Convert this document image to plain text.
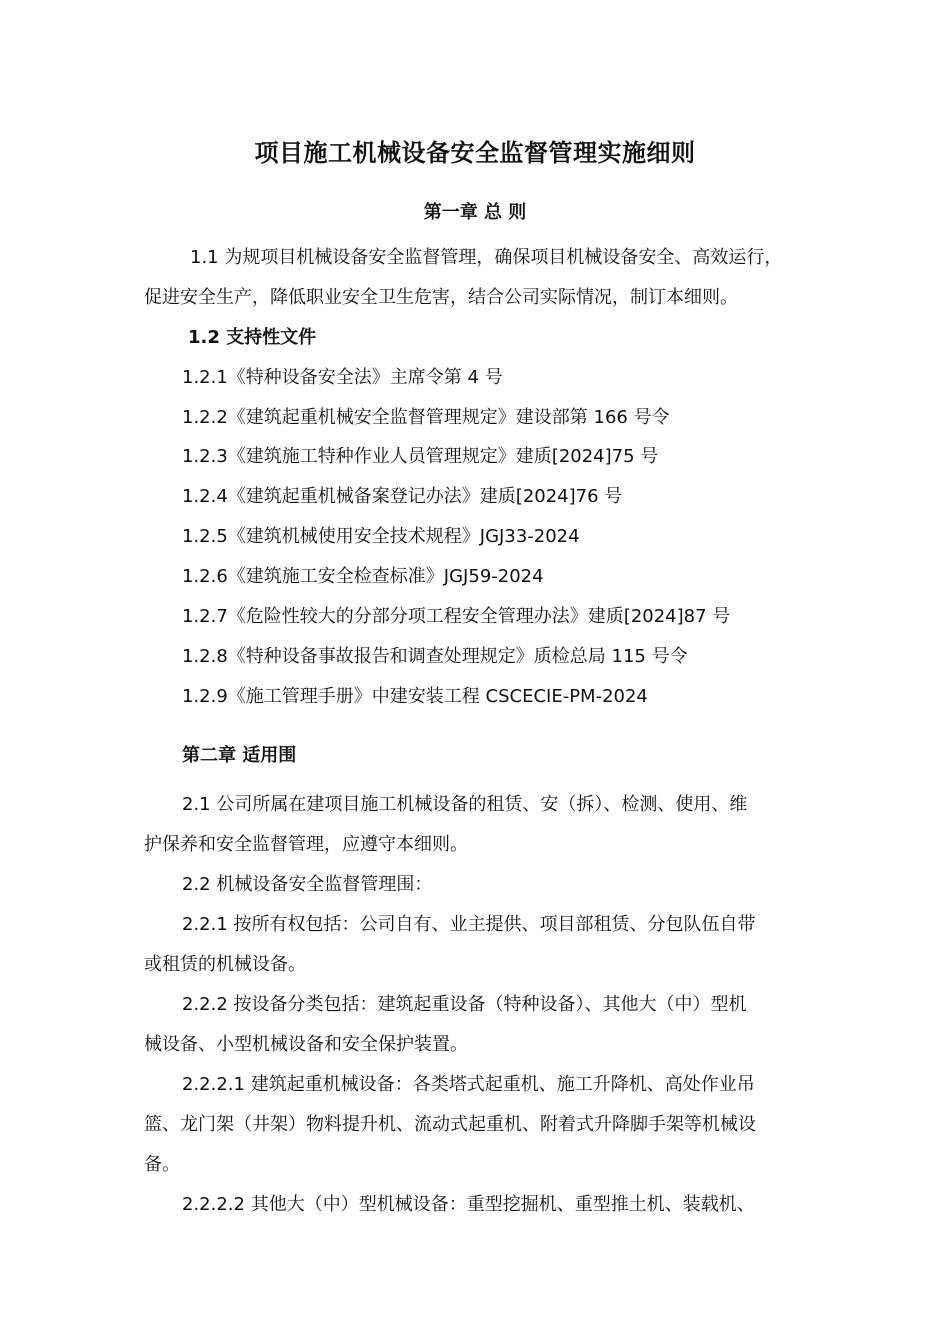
项目施工机械设备安全监督管理实施细则
第一章 总 则
1.1 为规项目机械设备安全监督管理，确保项目机械设备安全、高效运行，
促进安全生产，降低职业安全卫生危害，结合公司实际情况，制订本细则。
1.2 支持性文件
1.2.1《特种设备安全法》主席令第 4 号
1.2.2《建筑起重机械安全监督管理规定》建设部第 166 号令
1.2.3《建筑施工特种作业人员管理规定》建质[2024]75 号
1.2.4《建筑起重机械备案登记办法》建质[2024]76 号
1.2.5《建筑机械使用安全技术规程》JGJ33-2024
1.2.6《建筑施工安全检查标准》JGJ59-2024
1.2.7《危险性较大的分部分项工程安全管理办法》建质[2024]87 号
1.2.8《特种设备事故报告和调查处理规定》质检总局 115 号令
1.2.9《施工管理手册》中建安装工程 CSCECIE-PM-2024
第二章 适用围
2.1 公司所属在建项目施工机械设备的租赁、安（拆）、检测、使用、维
护保养和安全监督管理，应遵守本细则。
2.2 机械设备安全监督管理围：
2.2.1 按所有权包括：公司自有、业主提供、项目部租赁、分包队伍自带
或租赁的机械设备。
2.2.2 按设备分类包括：建筑起重设备（特种设备）、其他大（中）型机
械设备、小型机械设备和安全保护装置。
2.2.2.1 建筑起重机械设备：各类塔式起重机、施工升降机、高处作业吊
篮、龙门架（井架）物料提升机、流动式起重机、附着式升降脚手架等机械设
备。
2.2.2.2 其他大（中）型机械设备：重型挖掘机、重型推土机、装载机、
